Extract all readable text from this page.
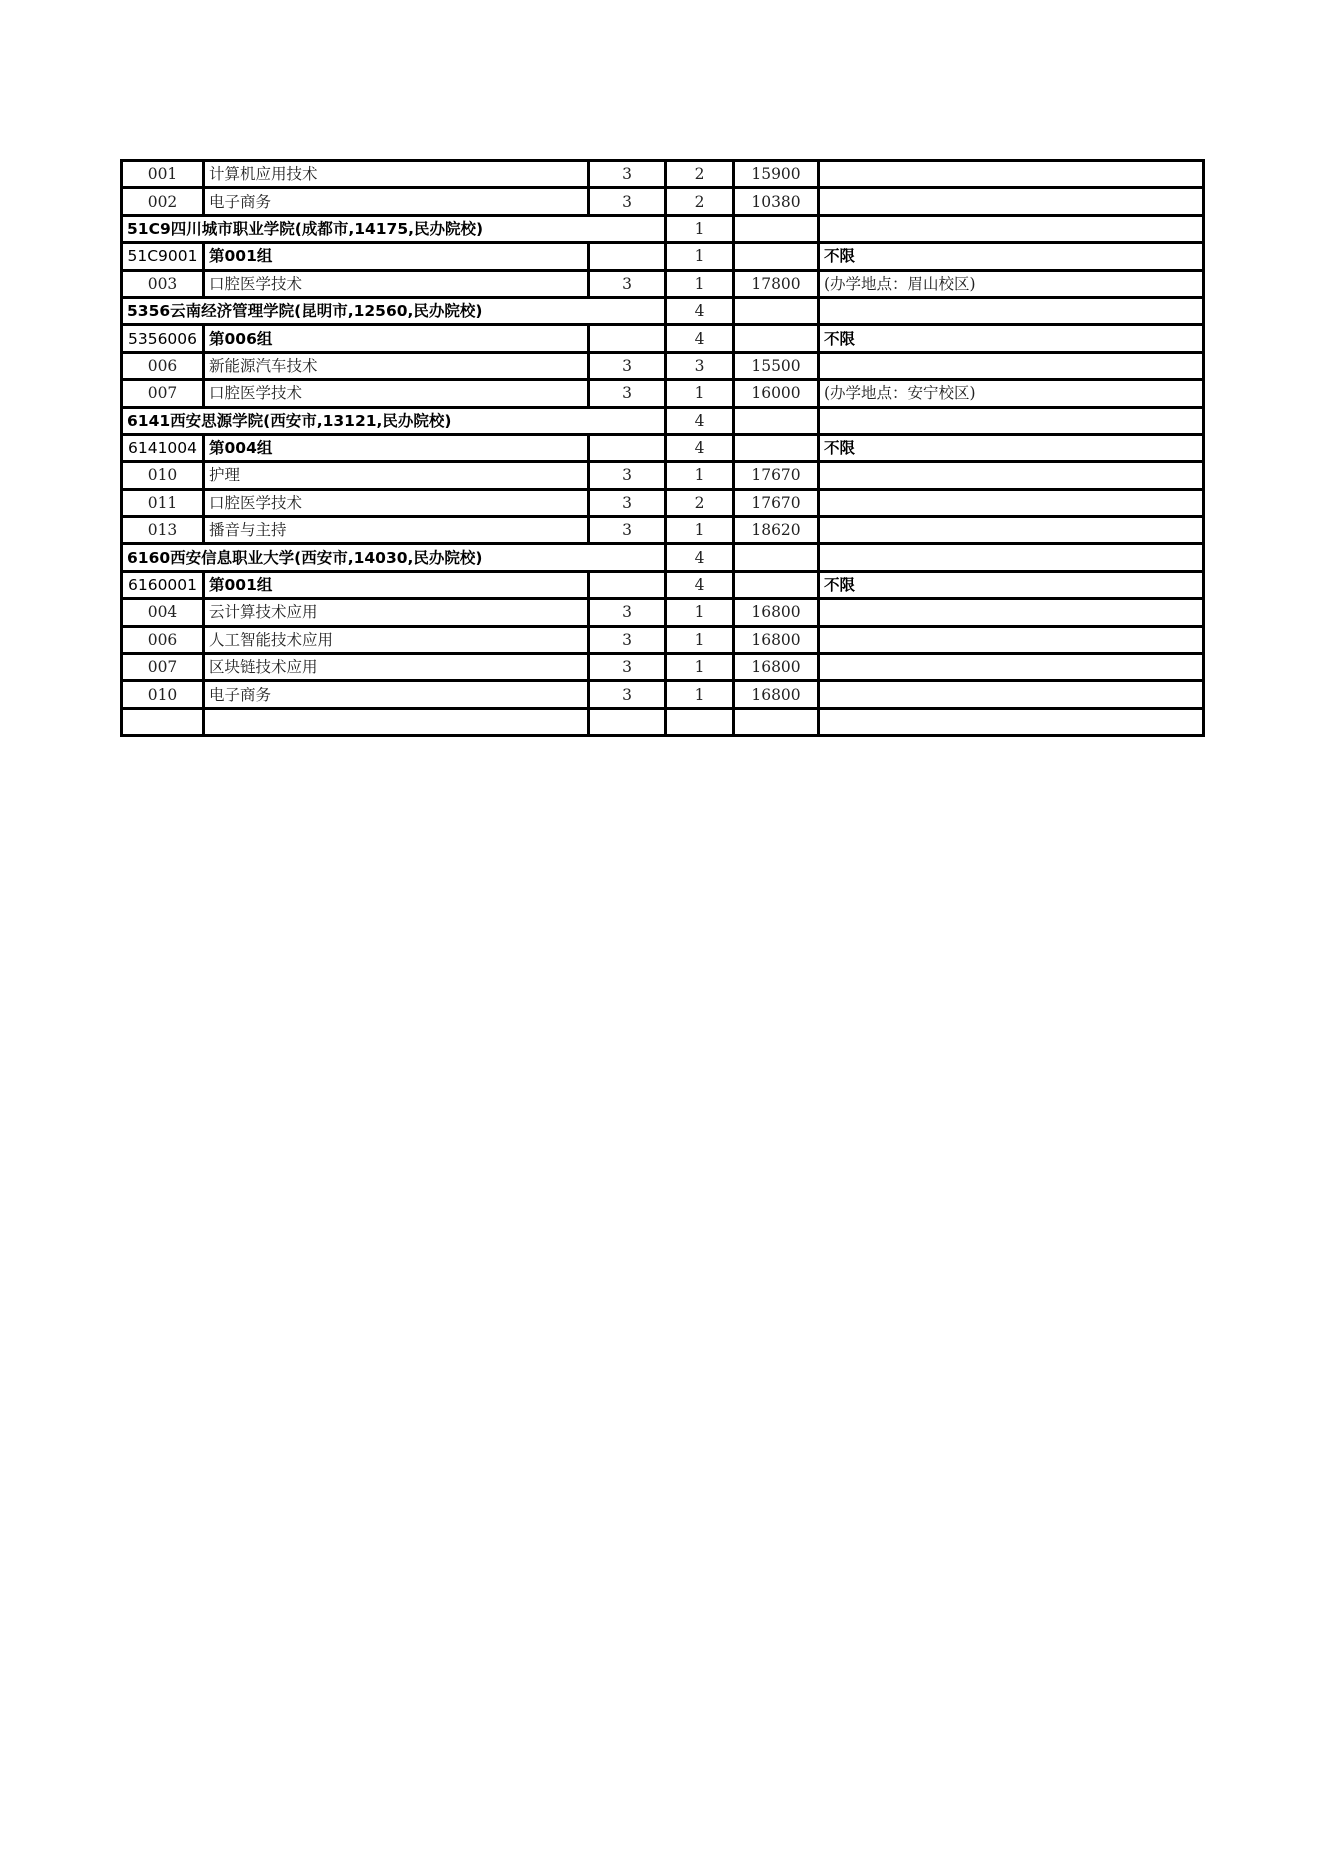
001	计算机应用技术	3	2	15900	
002	电子商务	3	2	10380	
51C9四川城市职业学院(成都市,14175,民办院校)			1		
51C9001	第001组		1		不限
003	口腔医学技术	3	1	17800	(办学地点：眉山校区)
5356云南经济管理学院(昆明市,12560,民办院校)			4		
5356006	第006组		4		不限
006	新能源汽车技术	3	3	15500	
007	口腔医学技术	3	1	16000	(办学地点：安宁校区)
6141西安思源学院(西安市,13121,民办院校)			4		
6141004	第004组		4		不限
010	护理	3	1	17670	
011	口腔医学技术	3	2	17670	
013	播音与主持	3	1	18620	
6160西安信息职业大学(西安市,14030,民办院校)			4		
6160001	第001组		4		不限
004	云计算技术应用	3	1	16800	
006	人工智能技术应用	3	1	16800	
007	区块链技术应用	3	1	16800	
010	电子商务	3	1	16800	
